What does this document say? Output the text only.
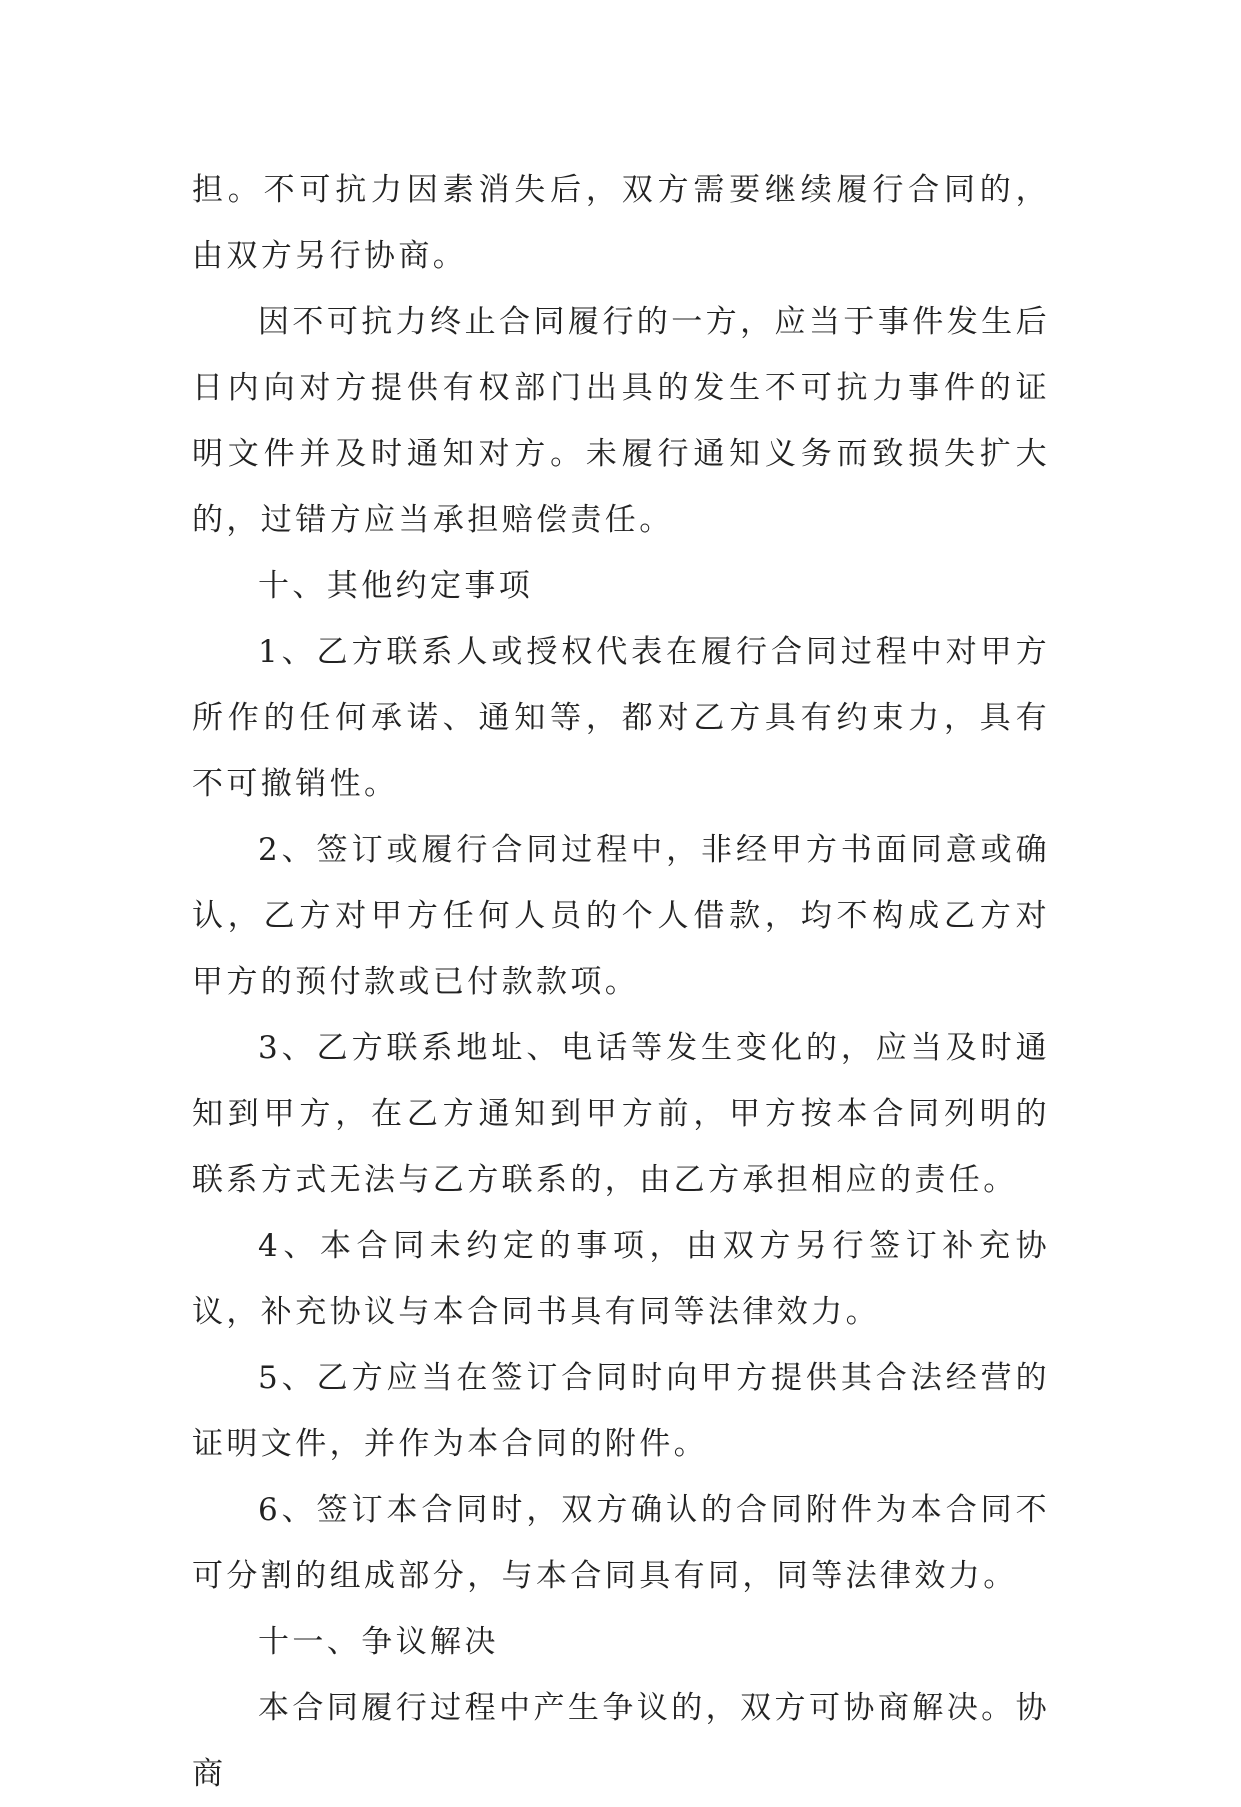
担。不可抗力因素消失后，双方需要继续履行合同的，由双方另行协商。

因不可抗力终止合同履行的一方，应当于事件发生后日内向对方提供有权部门出具的发生不可抗力事件的证明文件并及时通知对方。未履行通知义务而致损失扩大的，过错方应当承担赔偿责任。

十、其他约定事项

1、乙方联系人或授权代表在履行合同过程中对甲方所作的任何承诺、通知等，都对乙方具有约束力，具有不可撤销性。

2、签订或履行合同过程中，非经甲方书面同意或确认，乙方对甲方任何人员的个人借款，均不构成乙方对甲方的预付款或已付款款项。

3、乙方联系地址、电话等发生变化的，应当及时通知到甲方，在乙方通知到甲方前，甲方按本合同列明的联系方式无法与乙方联系的，由乙方承担相应的责任。

4、本合同未约定的事项，由双方另行签订补充协议，补充协议与本合同书具有同等法律效力。

5、乙方应当在签订合同时向甲方提供其合法经营的证明文件，并作为本合同的附件。

6、签订本合同时，双方确认的合同附件为本合同不可分割的组成部分，与本合同具有同，同等法律效力。

十一、争议解决

本合同履行过程中产生争议的，双方可协商解决。协商
